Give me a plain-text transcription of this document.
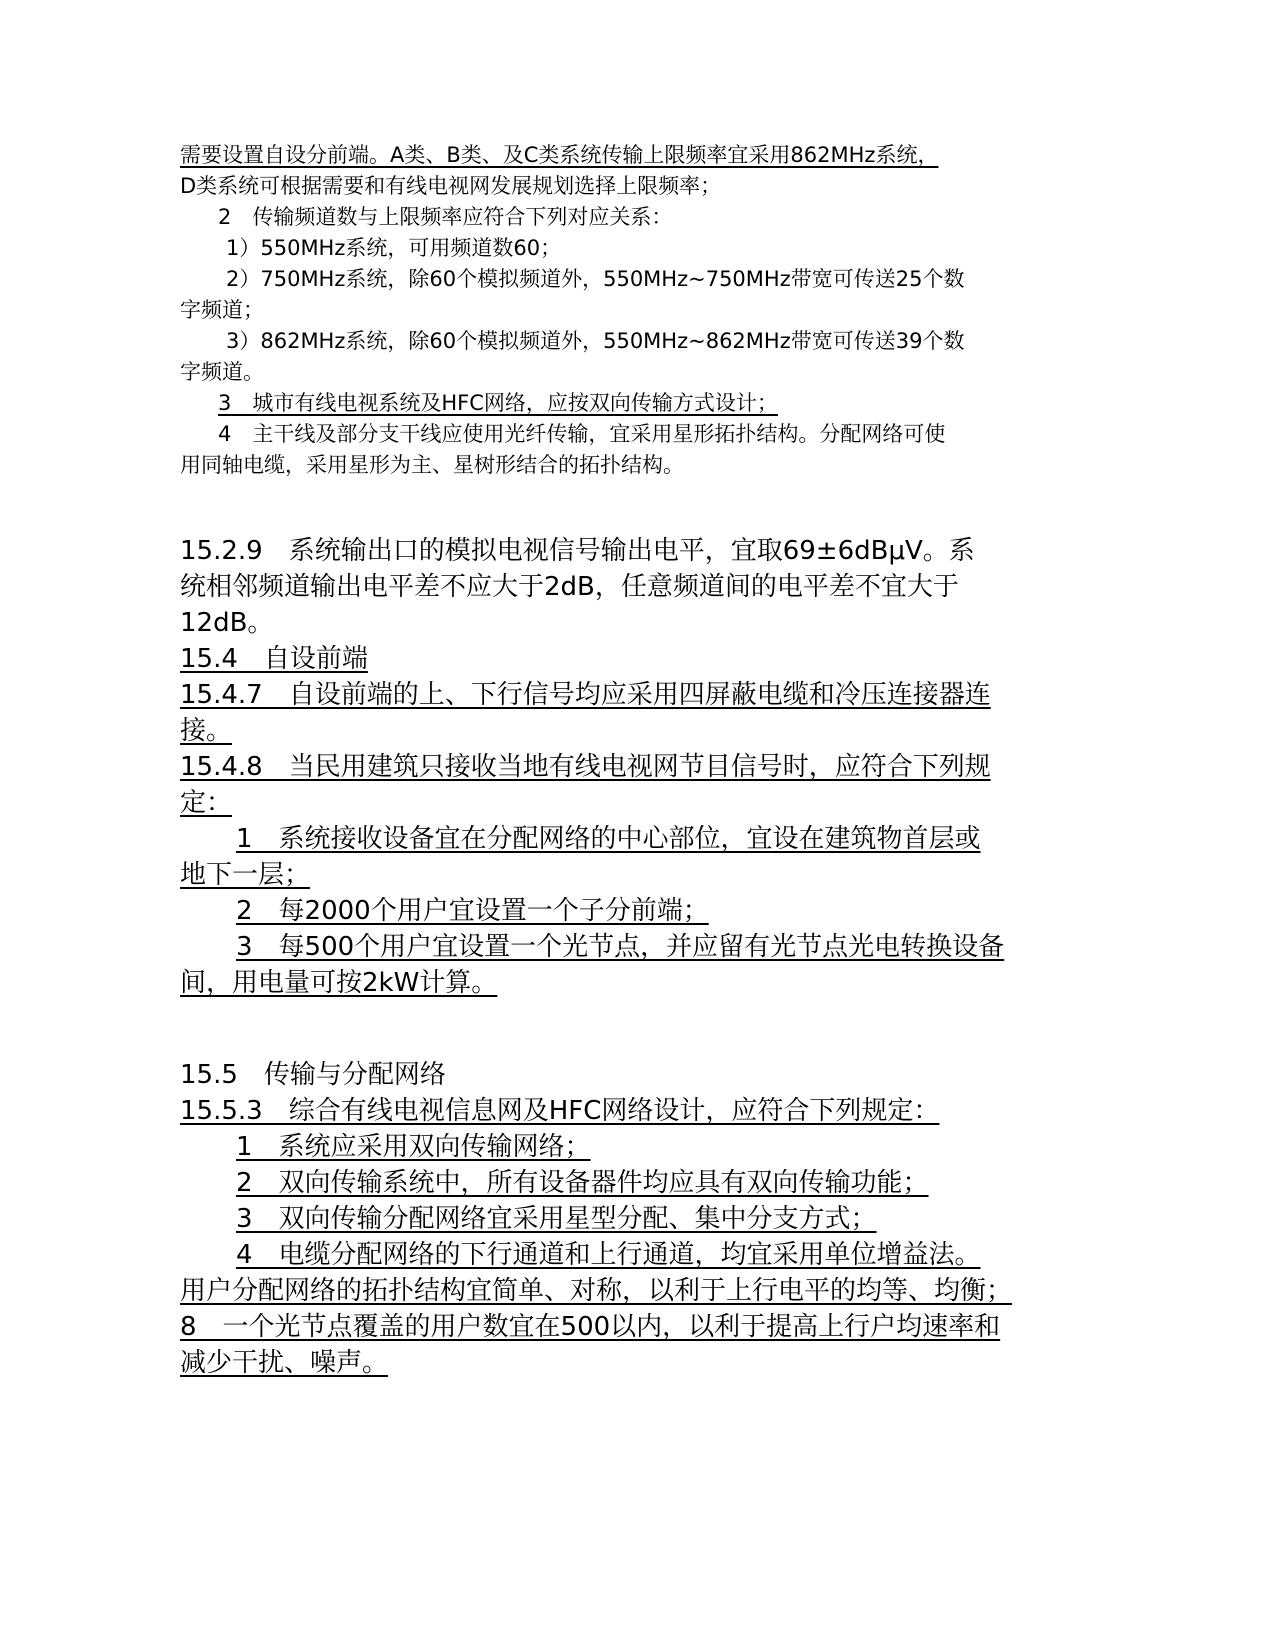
需要设置自设分前端。A类、B类、及C类系统传输上限频率宜采用862MHz系统，
D类系统可根据需要和有线电视网发展规划选择上限频率；
2　传输频道数与上限频率应符合下列对应关系：
1）550MHz系统，可用频道数60；
2）750MHz系统，除60个模拟频道外，550MHz~750MHz带宽可传送25个数
字频道；
3）862MHz系统，除60个模拟频道外，550MHz~862MHz带宽可传送39个数
字频道。
3　城市有线电视系统及HFC网络，应按双向传输方式设计；
4　主干线及部分支干线应使用光纤传输，宜采用星形拓扑结构。分配网络可使
用同轴电缆，采用星形为主、星树形结合的拓扑结构。
15.2.9　系统输出口的模拟电视信号输出电平，宜取69±6dBμV。系
统相邻频道输出电平差不应大于2dB，任意频道间的电平差不宜大于
12dB。
15.4　自设前端
15.4.7　自设前端的上、下行信号均应采用四屏蔽电缆和冷压连接器连
接。
15.4.8　当民用建筑只接收当地有线电视网节目信号时，应符合下列规
定：
1　系统接收设备宜在分配网络的中心部位，宜设在建筑物首层或
地下一层；
2　每2000个用户宜设置一个子分前端；
3　每500个用户宜设置一个光节点，并应留有光节点光电转换设备
间，用电量可按2kW计算。
15.5　传输与分配网络
15.5.3　综合有线电视信息网及HFC网络设计，应符合下列规定：
1　系统应采用双向传输网络；
2　双向传输系统中，所有设备器件均应具有双向传输功能；
3　双向传输分配网络宜采用星型分配、集中分支方式；
4　电缆分配网络的下行通道和上行通道，均宜采用单位增益法。
用户分配网络的拓扑结构宜简单、对称，以利于上行电平的均等、均衡；
8　一个光节点覆盖的用户数宜在500以内，以利于提高上行户均速率和
减少干扰、噪声。
